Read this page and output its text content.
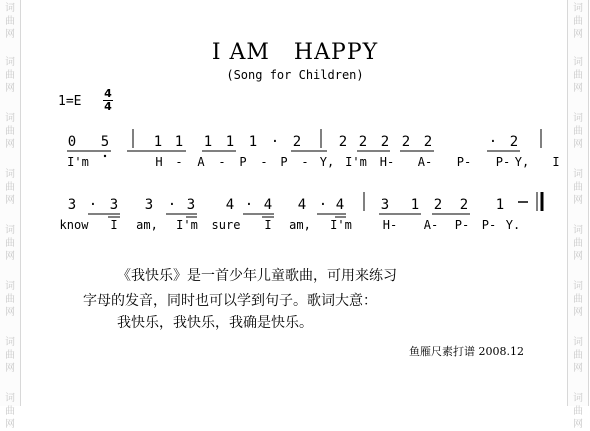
词
曲
网
词
曲
网
词
曲
网
词
曲
网
词
曲
网
词
曲
网
词
曲
网
词
曲
网
词
曲
网
词
曲
网
词
曲
网
词
曲
网
词
曲
网
词
曲
网
词
曲
网
词
曲
网
I AM   HAPPY
(Song for Children)
1=E
4
4
0 5	1 1 1 1 1 · 2	2 2 2 2 2	· 2
I'm	H - A - P - P - Y, I'm H- A- P- P- Y, I
3 · 3 3 · 3 4 · 4 4 · 4	3 1 2 2 1
know I am, I'm sure I am, I'm	H- A- P- P- Y.
《我快乐》是一首少年儿童歌曲，可用来练习
字母的发音，同时也可以学到句子。歌词大意：
我快乐，我快乐，我确是快乐。
鱼雁尺素打谱 2008.12
